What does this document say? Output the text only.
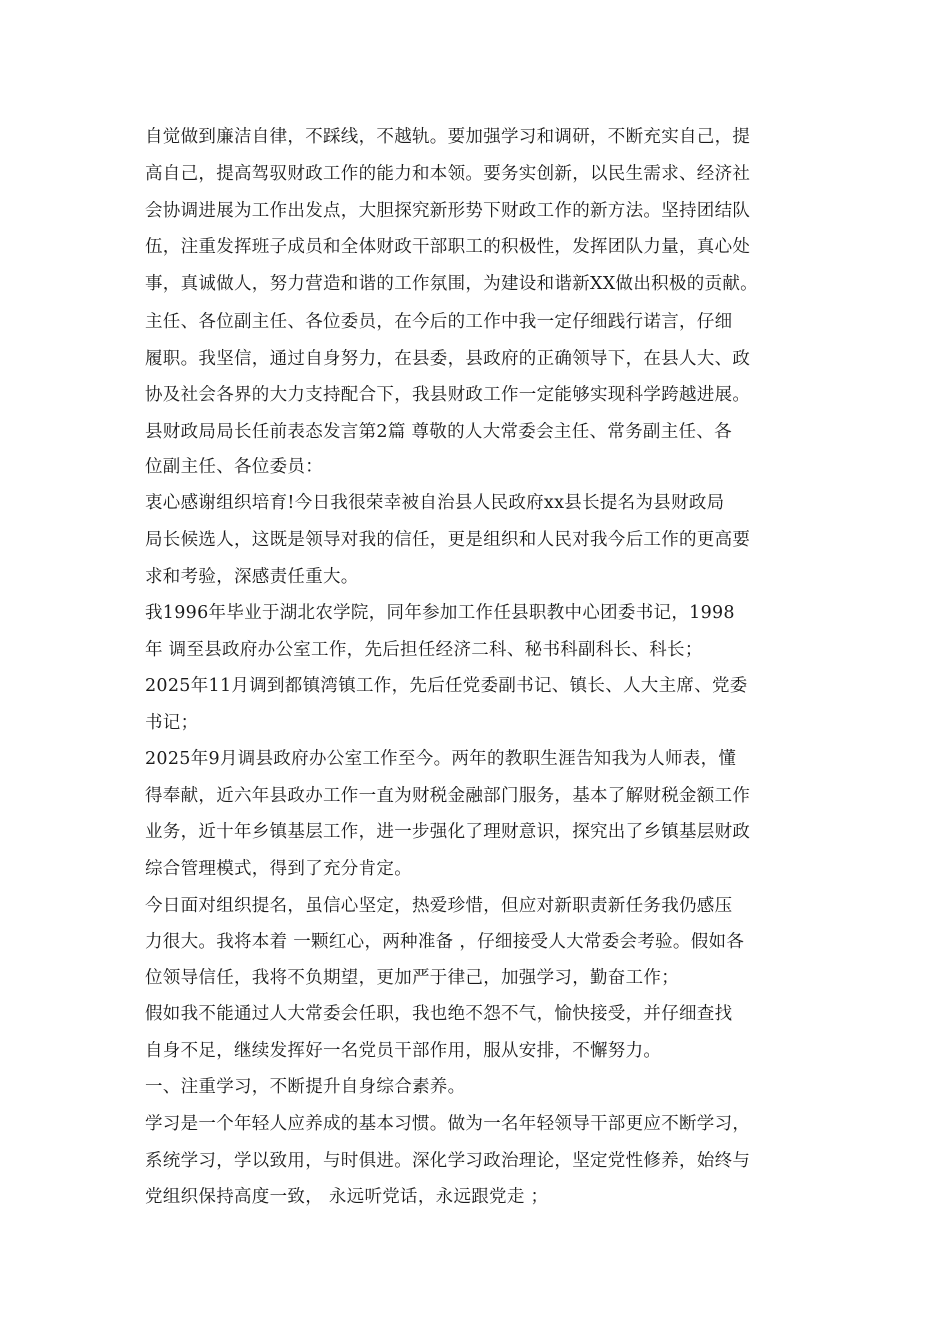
自觉做到廉洁自律，不踩线，不越轨。要加强学习和调研，不断充实自己，提
高自己，提高驾驭财政工作的能力和本领。要务实创新，以民生需求、经济社
会协调进展为工作出发点，大胆探究新形势下财政工作的新方法。坚持团结队
伍，注重发挥班子成员和全体财政干部职工的积极性，发挥团队力量，真心处
事，真诚做人，努力营造和谐的工作氛围，为建设和谐新XX做出积极的贡献。
主任、各位副主任、各位委员，在今后的工作中我一定仔细践行诺言，仔细
履职。我坚信，通过自身努力，在县委，县政府的正确领导下，在县人大、政
协及社会各界的大力支持配合下，我县财政工作一定能够实现科学跨越进展。
县财政局局长任前表态发言第2篇 尊敬的人大常委会主任、常务副主任、各
位副主任、各位委员：
衷心感谢组织培育!今日我很荣幸被自治县人民政府xx县长提名为县财政局
局长候选人，这既是领导对我的信任，更是组织和人民对我今后工作的更高要
求和考验，深感责任重大。
我1996年毕业于湖北农学院，同年参加工作任县职教中心团委书记，1998
年 调至县政府办公室工作，先后担任经济二科、秘书科副科长、科长；
2025年11月调到都镇湾镇工作，先后任党委副书记、镇长、人大主席、党委
书记；
2025年9月调县政府办公室工作至今。两年的教职生涯告知我为人师表，懂
得奉献，近六年县政办工作一直为财税金融部门服务，基本了解财税金额工作
业务，近十年乡镇基层工作，进一步强化了理财意识，探究出了乡镇基层财政
综合管理模式，得到了充分肯定。
今日面对组织提名，虽信心坚定，热爱珍惜，但应对新职责新任务我仍感压
力很大。我将本着 一颗红心，两种准备 ，仔细接受人大常委会考验。假如各
位领导信任，我将不负期望，更加严于律己，加强学习，勤奋工作；
假如我不能通过人大常委会任职，我也绝不怨不气，愉快接受，并仔细查找
自身不足，继续发挥好一名党员干部作用，服从安排，不懈努力。
一、注重学习，不断提升自身综合素养。
学习是一个年轻人应养成的基本习惯。做为一名年轻领导干部更应不断学习，
系统学习，学以致用，与时俱进。深化学习政治理论，坚定党性修养，始终与
党组织保持高度一致， 永远听党话，永远跟党走 ；
